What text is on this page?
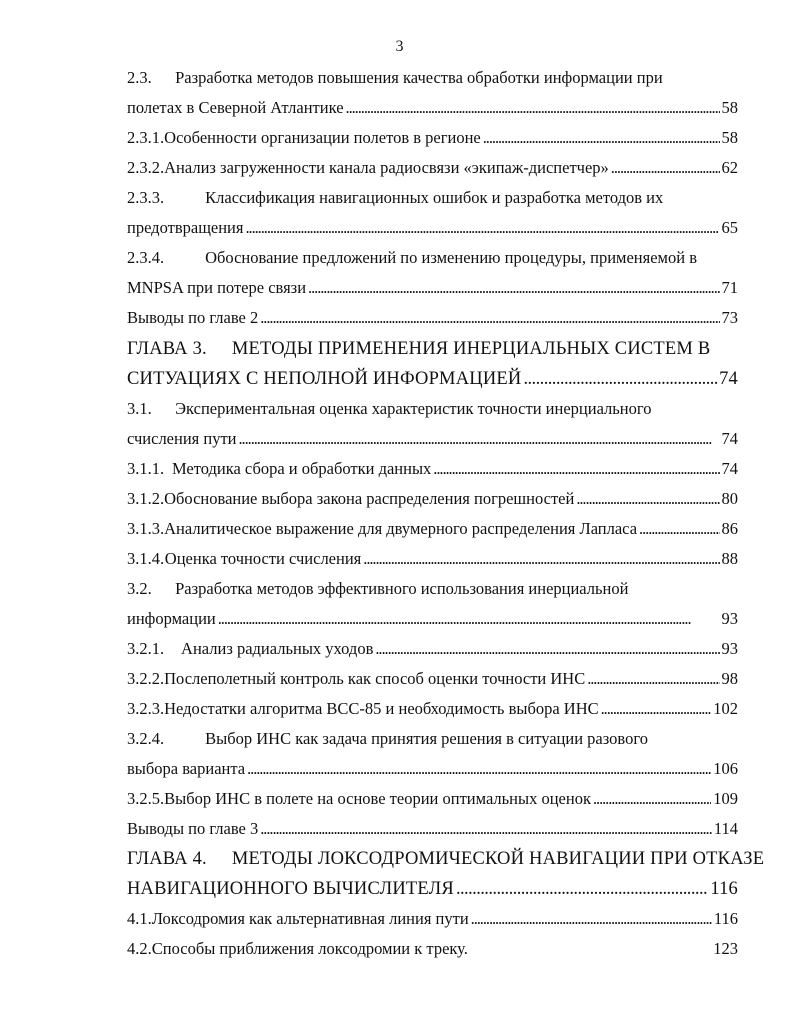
3
2.3. Разработка методов повышения качества обработки информации при
полетах в Северной Атлантике . . .	58
2.3.1. Особенности организации полетов в регионе . . .	58
2.3.2. Анализ загруженности канала радиосвязи «экипаж-диспетчер» . . .	62
2.3.3. Классификация навигационных ошибок и разработка методов их
предотвращения . . .	65
2.3.4. Обоснование предложений по изменению процедуры, применяемой в
MNPSA при потере связи . . .	71
Выводы по главе 2 . . .	73
ГЛАВА 3. МЕТОДЫ ПРИМЕНЕНИЯ ИНЕРЦИАЛЬНЫХ СИСТЕМ В
СИТУАЦИЯХ С НЕПОЛНОЙ ИНФОРМАЦИЕЙ . . .	74
3.1. Экспериментальная оценка характеристик точности инерциального
счисления пути . . .	74
3.1.1. Методика сбора и обработки данных . . .	74
3.1.2. Обоснование выбора закона распределения погрешностей . . .	80
3.1.3. Аналитическое выражение для двумерного распределения Лапласа . . .	86
3.1.4. Оценка точности счисления . . .	88
3.2. Разработка методов эффективного использования инерциальной
информации . . .	93
3.2.1.	Анализ радиальных уходов . . .	93
3.2.2. Послеполетный контроль как способ оценки точности ИНС . . .	98
3.2.3. Недостатки алгоритма ВСС-85 и необходимость выбора ИНС . . .	102
3.2.4. Выбор ИНС как задача принятия решения в ситуации разового
выбора варианта . . .	106
3.2.5. Выбор ИНС в полете на основе теории оптимальных оценок . . .	109
Выводы по главе 3 . . .	114
ГЛАВА 4. МЕТОДЫ ЛОКСОДРОМИЧЕСКОЙ НАВИГАЦИИ ПРИ ОТКАЗЕ
НАВИГАЦИОННОГО ВЫЧИСЛИТЕЛЯ . . .	116
4.1. Локсодромия как альтернативная линия пути . . .	116
4.2. Способы приближения локсодромии к треку.	123
